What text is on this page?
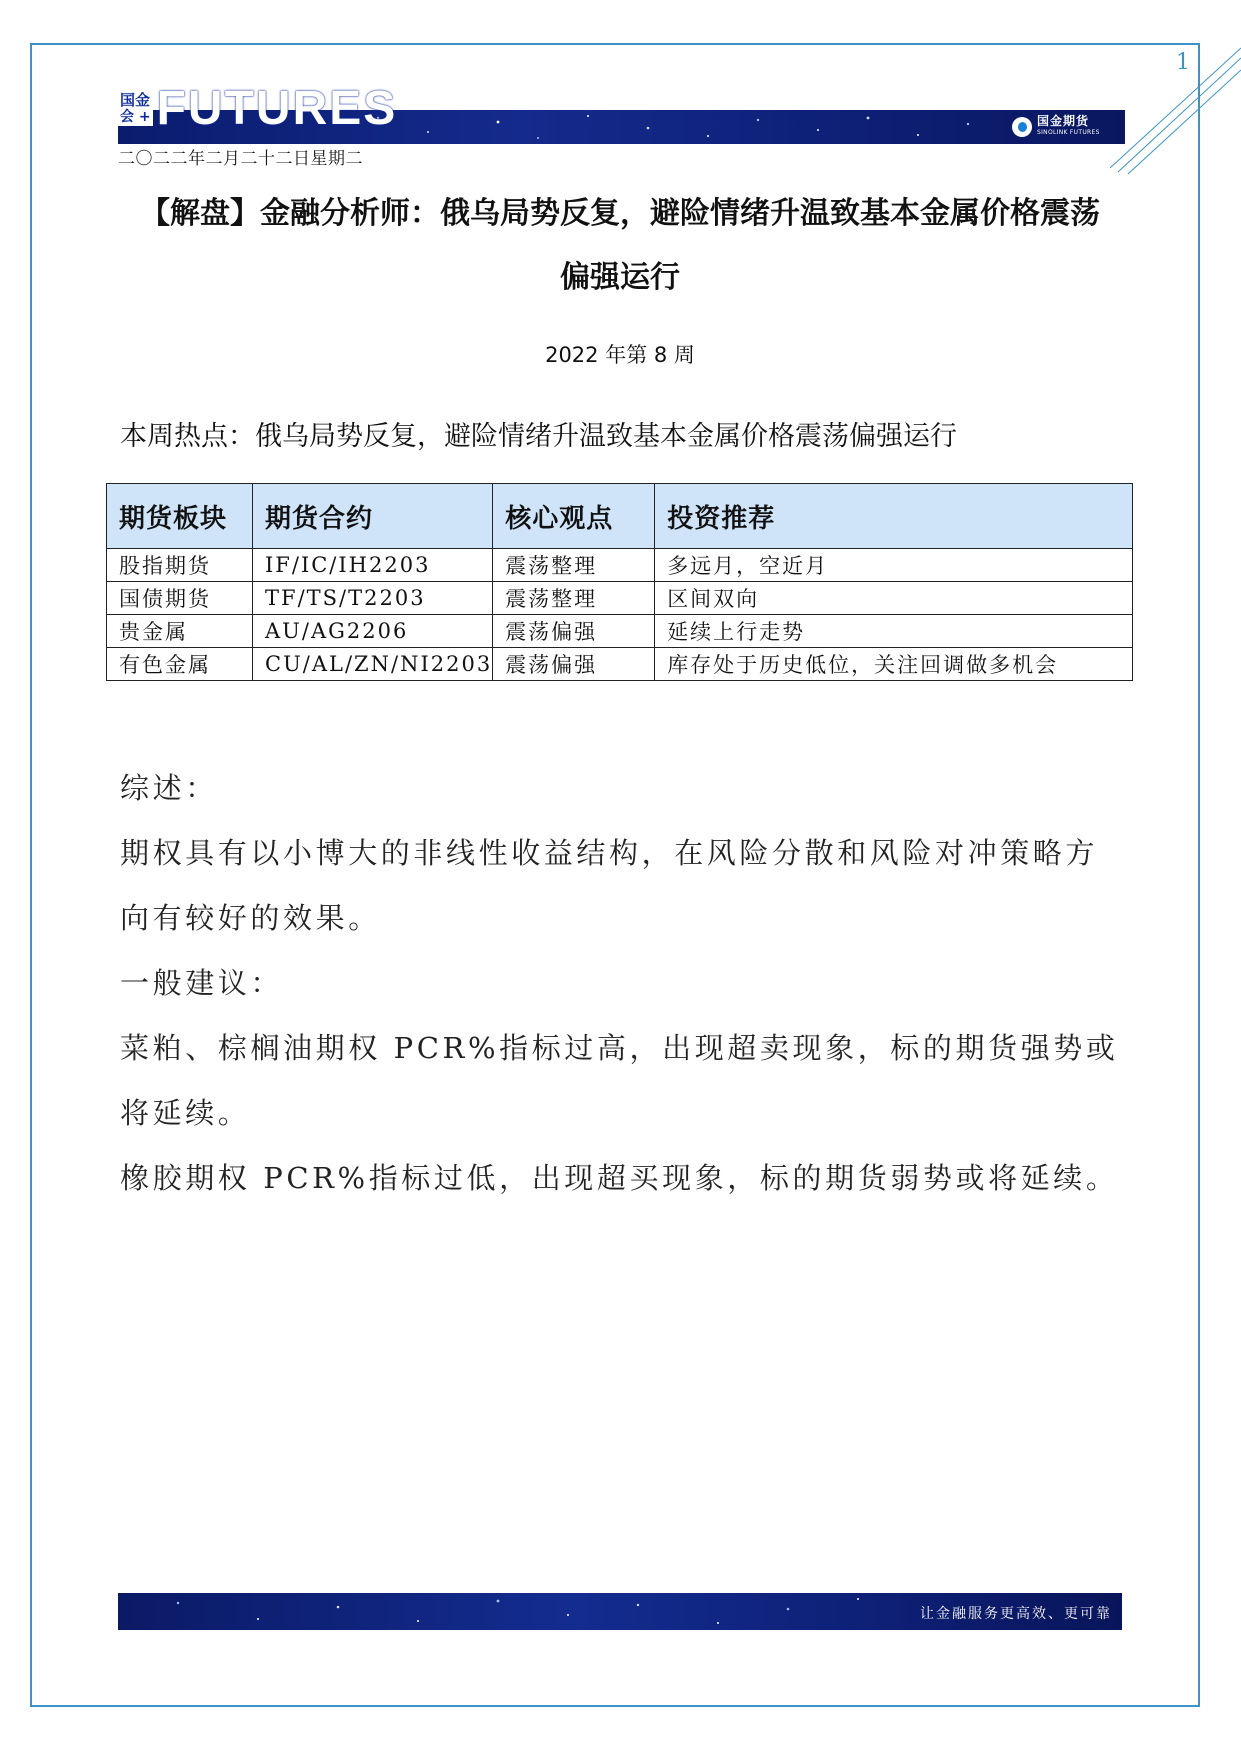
1
国金
会 + FUTURES	国金期货
SINOLINK FUTURES
二〇二二年二月二十二日星期二
【解盘】金融分析师：俄乌局势反复，避险情绪升温致基本金属价格震荡
偏强运行
2022 年第 8 周
本周热点：俄乌局势反复，避险情绪升温致基本金属价格震荡偏强运行
期货板块	期货合约	核心观点	投资推荐
股指期货	IF/IC/IH2203	震荡整理	多远月，空近月
国债期货	TF/TS/T2203	震荡整理	区间双向
贵金属	AU/AG2206	震荡偏强	延续上行走势
有色金属	CU/AL/ZN/NI2203	震荡偏强	库存处于历史低位，关注回调做多机会

综述：

期权具有以小博大的非线性收益结构，在风险分散和风险对冲策略方向有较好的效果。

一般建议：

菜粕、棕榈油期权 PCR%指标过高，出现超卖现象，标的期货强势或将延续。

橡胶期权 PCR%指标过低，出现超买现象，标的期货弱势或将延续。

让金融服务更高效、更可靠
